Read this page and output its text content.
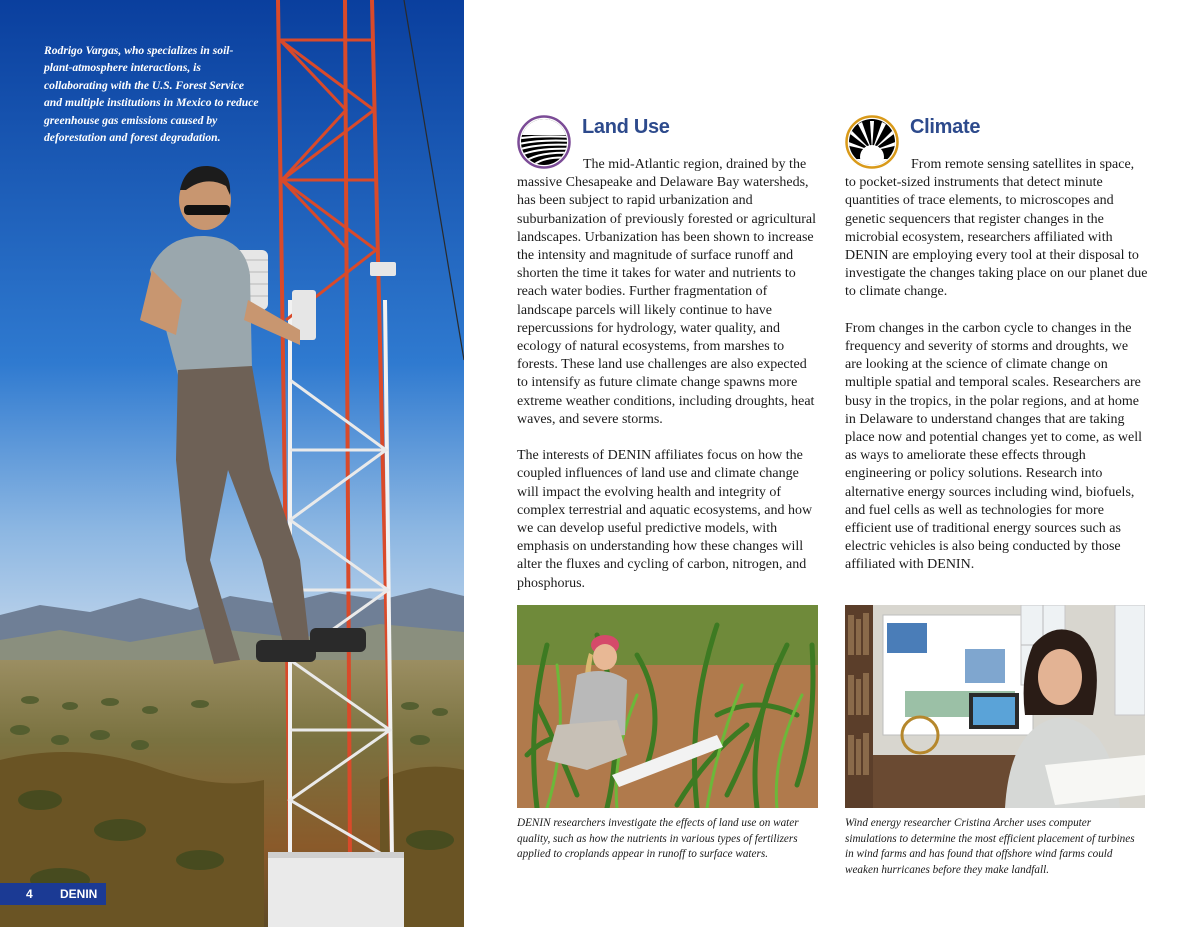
Rodrigo Vargas, who specializes in soil-plant-atmosphere interactions, is collaborating with the U.S. Forest Service and multiple institutions in Mexico to reduce greenhouse gas emissions caused by deforestation and forest degradation.
4 DENIN
Land Use

The mid-Atlantic region, drained by the massive Chesapeake and Delaware Bay watersheds, has been subject to rapid urbanization and suburbanization of previously forested or agricultural landscapes. Urbanization has been shown to increase the intensity and magnitude of surface runoff and shorten the time it takes for water and nutrients to reach water bodies. Further fragmentation of landscape parcels will likely continue to have repercussions for hydrology, water quality, and ecology of natural ecosystems, from marshes to forests. These land use challenges are also expected to intensify as future climate change spawns more extreme weather conditions, including droughts, heat waves, and severe storms.

The interests of DENIN affiliates focus on how the coupled influences of land use and climate change will impact the evolving health and integrity of complex terrestrial and aquatic ecosystems, and how we can develop useful predictive models, with emphasis on understanding how these changes will alter the fluxes and cycling of carbon, nitrogen, and phosphorus.

Climate

From remote sensing satellites in space, to pocket-sized instruments that detect minute quantities of trace elements, to microscopes and genetic sequencers that register changes in the microbial ecosystem, researchers affiliated with DENIN are employing every tool at their disposal to investigate the changes taking place on our planet due to climate change.

From changes in the carbon cycle to changes in the frequency and severity of storms and droughts, we are looking at the science of climate change on multiple spatial and temporal scales. Researchers are busy in the tropics, in the polar regions, and at home in Delaware to understand changes that are taking place now and potential changes yet to come, as well as ways to ameliorate these effects through engineering or policy solutions. Research into alternative energy sources including wind, biofuels, and fuel cells as well as technologies for more efficient use of traditional energy sources such as electric vehicles is also being conducted by those affiliated with DENIN.

DENIN researchers investigate the effects of land use on water quality, such as how the nutrients in various types of fertilizers applied to croplands appear in runoff to surface waters.
Wind energy researcher Cristina Archer uses computer simulations to determine the most efficient placement of turbines in wind farms and has found that offshore wind farms could weaken hurricanes before they make landfall.
